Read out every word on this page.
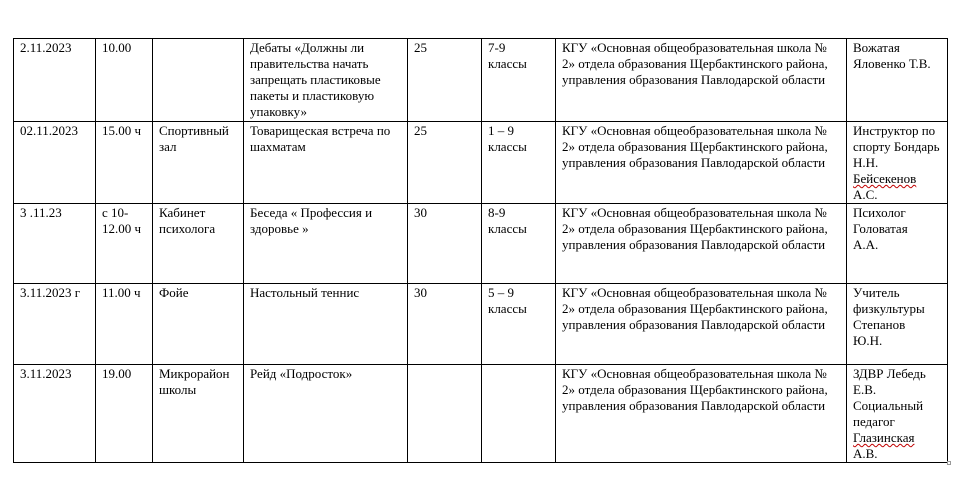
2.11.2023	10.00		Дебаты «Должны ли правительства начать запрещать пластиковые пакеты и пластиковую упаковку»	25	7-9
классы	КГУ «Основная общеобразовательная школа № 2» отдела образования Щербактинского района,
управления образования Павлодарской области	Вожатая
Яловенко Т.В.
02.11.2023	15.00 ч	Спортивный зал	Товарищеская встреча по шахматам	25	1 – 9
классы	КГУ «Основная общеобразовательная школа № 2» отдела образования Щербактинского района,
управления образования Павлодарской области	Инструктор по спорту Бондарь Н.Н. Бейсекенов
А.С.
3 .11.23	с 10-12.00 ч	Кабинет психолога	Беседа « Профессия и здоровье »	30	8-9
классы	КГУ «Основная общеобразовательная школа № 2» отдела образования Щербактинского района,
управления образования Павлодарской области	Психолог
Головатая
А.А.
3.11.2023 г	11.00 ч	Фойе	Настольный теннис	30	5 – 9
классы	КГУ «Основная общеобразовательная школа № 2» отдела образования Щербактинского района,
управления образования Павлодарской области	Учитель физкультуры Степанов
Ю.Н.
3.11.2023	19.00	Микрорайон школы	Рейд «Подросток»			КГУ «Основная общеобразовательная школа № 2» отдела образования Щербактинского района,
управления образования Павлодарской области	ЗДВР Лебедь Е.В.
Социальный педагог
Глазинская
А.В.
